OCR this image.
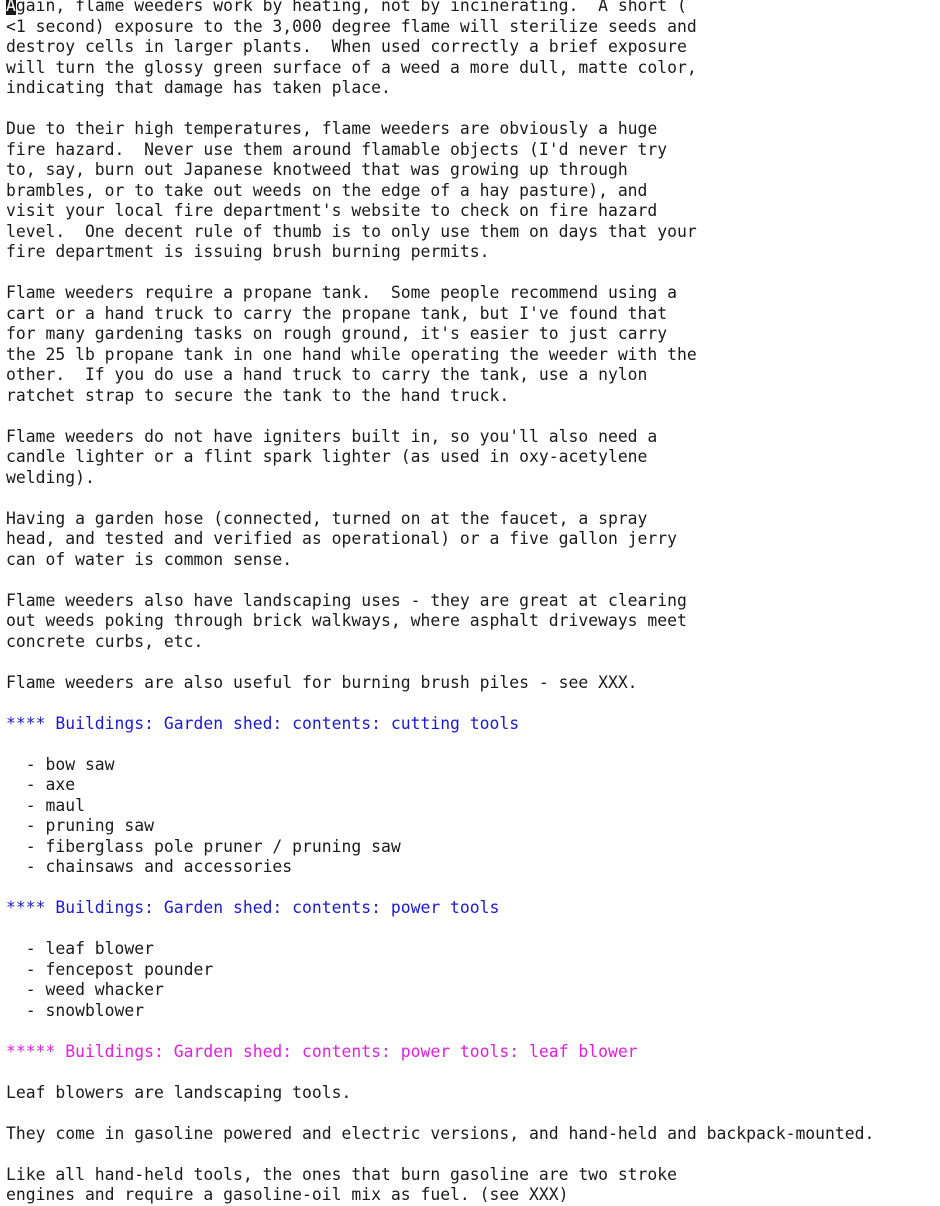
Again, flame weeders work by heating, not by incinerating.  A short (
<1 second) exposure to the 3,000 degree flame will sterilize seeds and
destroy cells in larger plants.  When used correctly a brief exposure
will turn the glossy green surface of a weed a more dull, matte color,
indicating that damage has taken place.
Due to their high temperatures, flame weeders are obviously a huge
fire hazard.  Never use them around flamable objects (I'd never try
to, say, burn out Japanese knotweed that was growing up through
brambles, or to take out weeds on the edge of a hay pasture), and
visit your local fire department's website to check on fire hazard
level.  One decent rule of thumb is to only use them on days that your
fire department is issuing brush burning permits.
Flame weeders require a propane tank.  Some people recommend using a
cart or a hand truck to carry the propane tank, but I've found that
for many gardening tasks on rough ground, it's easier to just carry
the 25 lb propane tank in one hand while operating the weeder with the
other.  If you do use a hand truck to carry the tank, use a nylon
ratchet strap to secure the tank to the hand truck.
Flame weeders do not have igniters built in, so you'll also need a
candle lighter or a flint spark lighter (as used in oxy-acetylene
welding).
Having a garden hose (connected, turned on at the faucet, a spray
head, and tested and verified as operational) or a five gallon jerry
can of water is common sense.
Flame weeders also have landscaping uses - they are great at clearing
out weeds poking through brick walkways, where asphalt driveways meet
concrete curbs, etc.
Flame weeders are also useful for burning brush piles - see XXX.
**** Buildings: Garden shed: contents: cutting tools
- bow saw
- axe
- maul
- pruning saw
- fiberglass pole pruner / pruning saw
- chainsaws and accessories
**** Buildings: Garden shed: contents: power tools
- leaf blower
- fencepost pounder
- weed whacker
- snowblower
***** Buildings: Garden shed: contents: power tools: leaf blower
Leaf blowers are landscaping tools.
They come in gasoline powered and electric versions, and hand-held and backpack-mounted.
Like all hand-held tools, the ones that burn gasoline are two stroke
engines and require a gasoline-oil mix as fuel. (see XXX)
